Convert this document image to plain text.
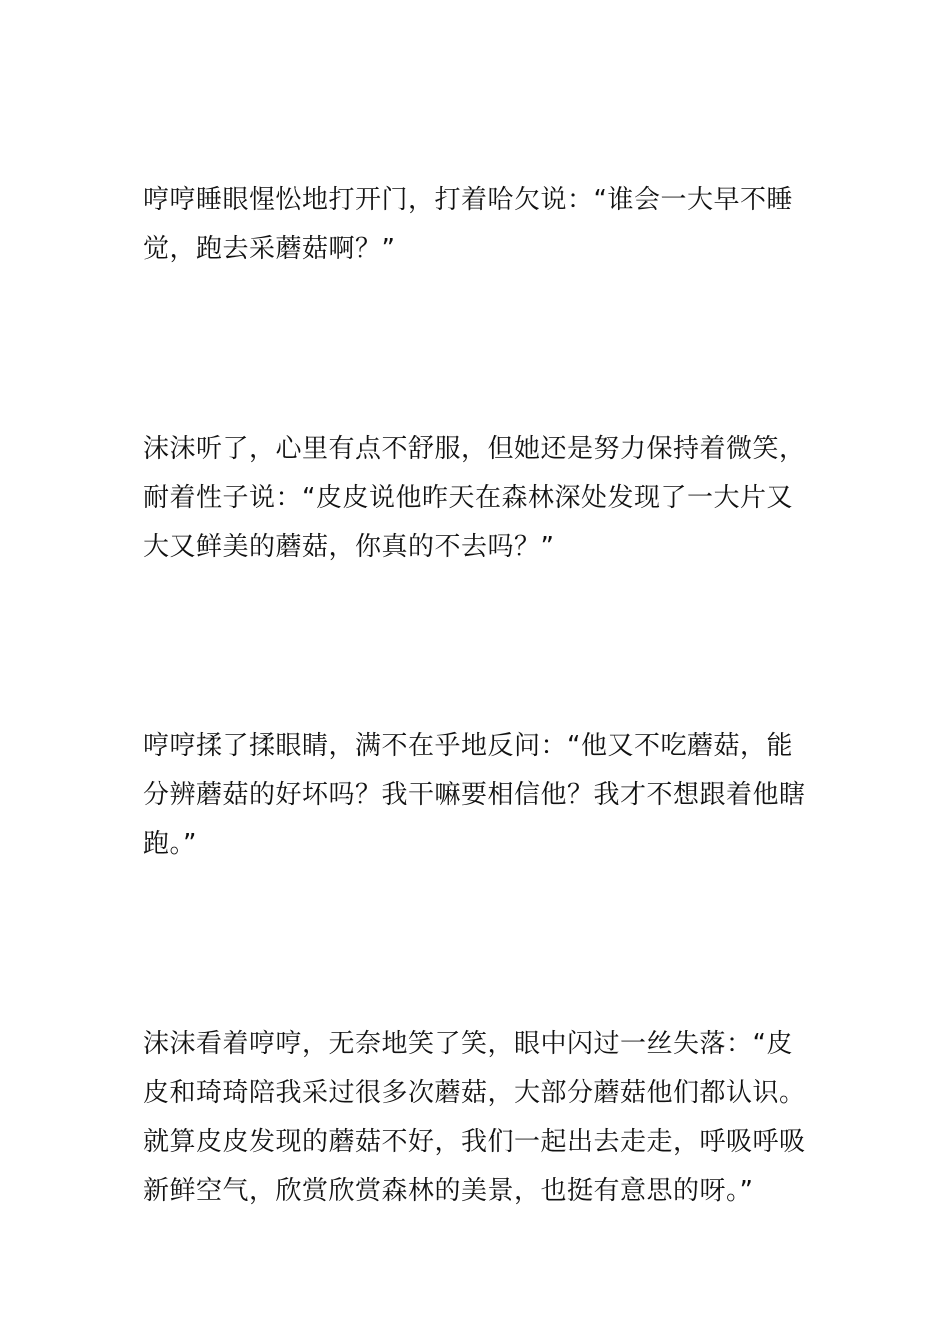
哼哼睡眼惺忪地打开门，打着哈欠说：“谁会一大早不睡觉，跑去采蘑菇啊？”

沫沫听了，心里有点不舒服，但她还是努力保持着微笑，耐着性子说：“皮皮说他昨天在森林深处发现了一大片又大又鲜美的蘑菇，你真的不去吗？”

哼哼揉了揉眼睛，满不在乎地反问：“他又不吃蘑菇，能分辨蘑菇的好坏吗？我干嘛要相信他？我才不想跟着他瞎跑。”

沫沫看着哼哼，无奈地笑了笑，眼中闪过一丝失落：“皮皮和琦琦陪我采过很多次蘑菇，大部分蘑菇他们都认识。就算皮皮发现的蘑菇不好，我们一起出去走走，呼吸呼吸新鲜空气，欣赏欣赏森林的美景，也挺有意思的呀。”
